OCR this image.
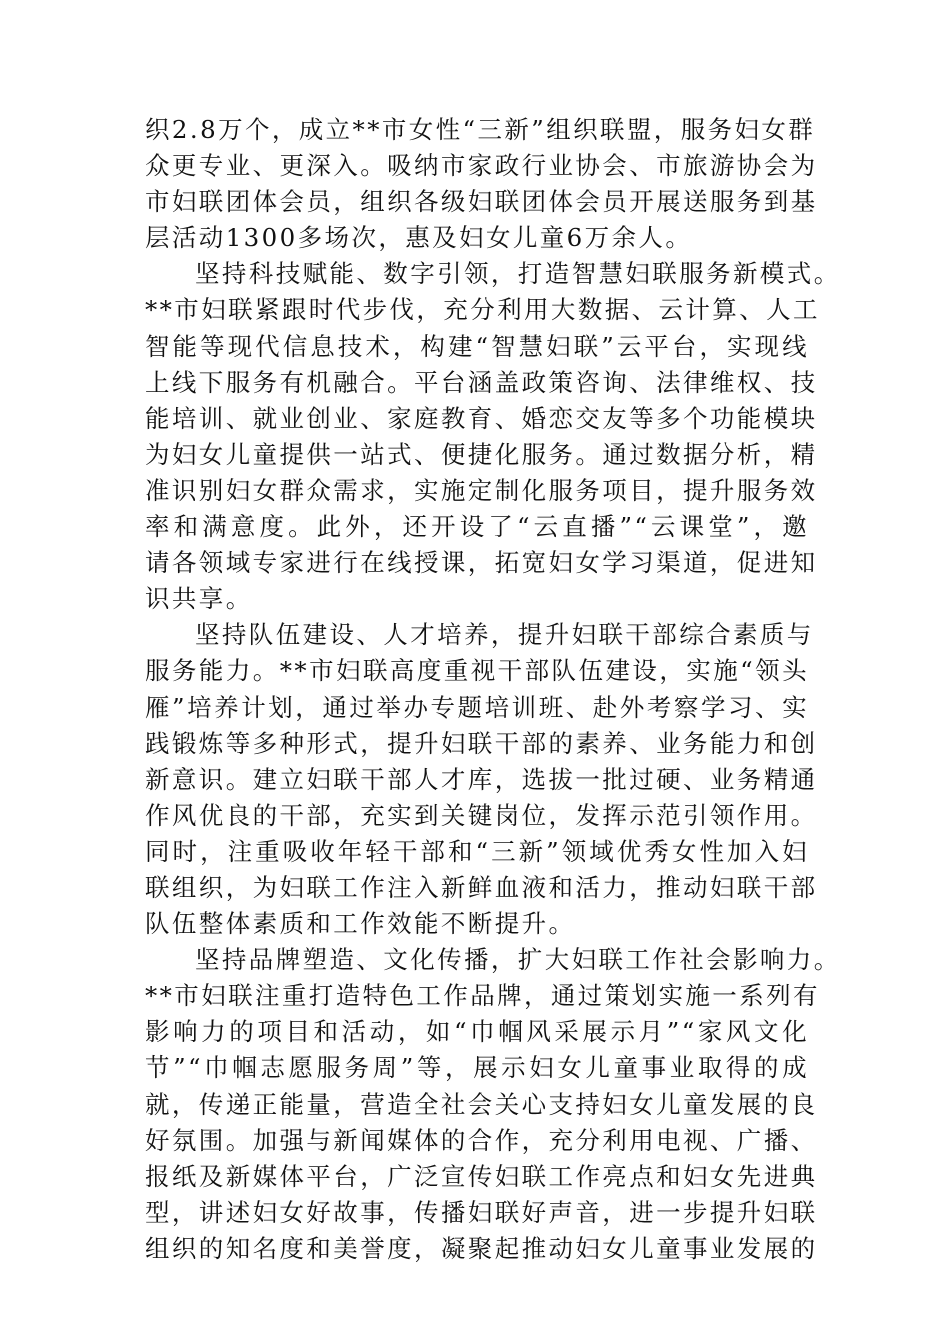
织2.8万个，成立**市女性“三新”组织联盟，服务妇女群
众更专业、更深入。吸纳市家政行业协会、市旅游协会为
市妇联团体会员，组织各级妇联团体会员开展送服务到基
层活动1300多场次，惠及妇女儿童6万余人。
坚持科技赋能、数字引领，打造智慧妇联服务新模式。
**市妇联紧跟时代步伐，充分利用大数据、云计算、人工
智能等现代信息技术，构建“智慧妇联”云平台，实现线
上线下服务有机融合。平台涵盖政策咨询、法律维权、技
能培训、就业创业、家庭教育、婚恋交友等多个功能模块
为妇女儿童提供一站式、便捷化服务。通过数据分析，精
准识别妇女群众需求，实施定制化服务项目，提升服务效
率和满意度。此外，还开设了“云直播”“云课堂”，邀
请各领域专家进行在线授课，拓宽妇女学习渠道，促进知
识共享。
坚持队伍建设、人才培养，提升妇联干部综合素质与
服务能力。**市妇联高度重视干部队伍建设，实施“领头
雁”培养计划，通过举办专题培训班、赴外考察学习、实
践锻炼等多种形式，提升妇联干部的素养、业务能力和创
新意识。建立妇联干部人才库，选拔一批过硬、业务精通
作风优良的干部，充实到关键岗位，发挥示范引领作用。
同时，注重吸收年轻干部和“三新”领域优秀女性加入妇
联组织，为妇联工作注入新鲜血液和活力，推动妇联干部
队伍整体素质和工作效能不断提升。
坚持品牌塑造、文化传播，扩大妇联工作社会影响力。
**市妇联注重打造特色工作品牌，通过策划实施一系列有
影响力的项目和活动，如“巾帼风采展示月”“家风文化
节”“巾帼志愿服务周”等，展示妇女儿童事业取得的成
就，传递正能量，营造全社会关心支持妇女儿童发展的良
好氛围。加强与新闻媒体的合作，充分利用电视、广播、
报纸及新媒体平台，广泛宣传妇联工作亮点和妇女先进典
型，讲述妇女好故事，传播妇联好声音，进一步提升妇联
组织的知名度和美誉度，凝聚起推动妇女儿童事业发展的
